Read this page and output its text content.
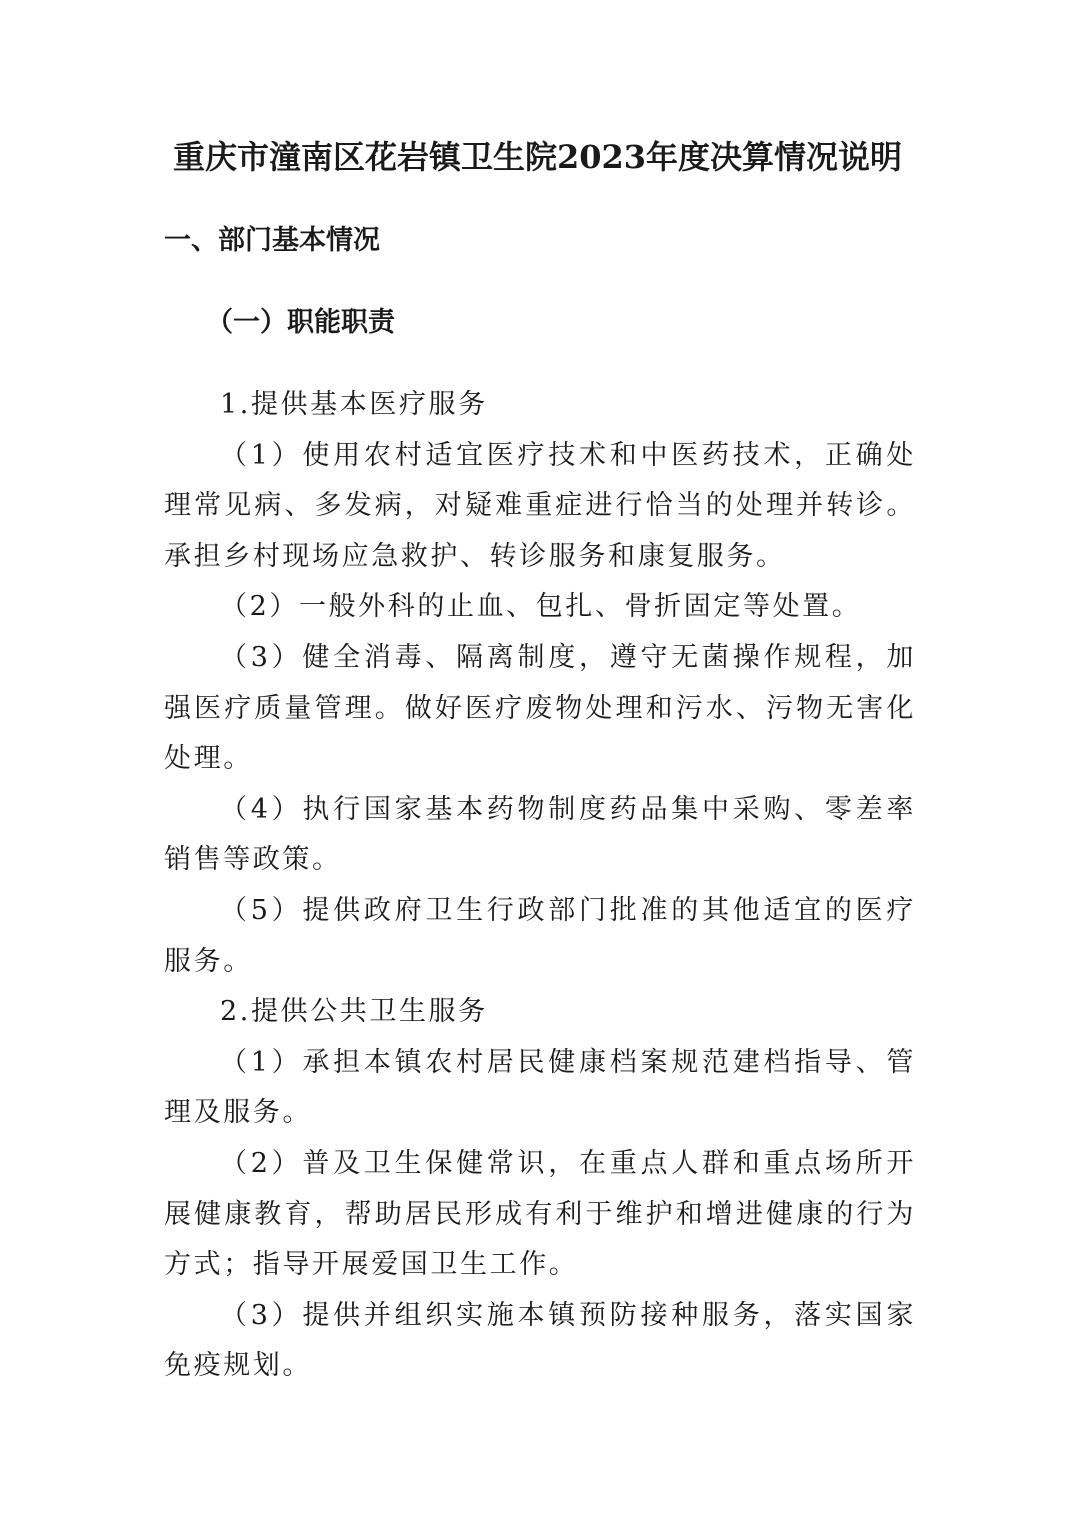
重庆市潼南区花岩镇卫生院2023年度决算情况说明
一、部门基本情况
（一）职能职责

1.提供基本医疗服务

（1）使用农村适宜医疗技术和中医药技术，正确处理常见病、多发病，对疑难重症进行恰当的处理并转诊。承担乡村现场应急救护、转诊服务和康复服务。

（2）一般外科的止血、包扎、骨折固定等处置。

（3）健全消毒、隔离制度，遵守无菌操作规程，加强医疗质量管理。做好医疗废物处理和污水、污物无害化处理。

（4）执行国家基本药物制度药品集中采购、零差率销售等政策。

（5）提供政府卫生行政部门批准的其他适宜的医疗服务。

2.提供公共卫生服务

（1）承担本镇农村居民健康档案规范建档指导、管理及服务。

（2）普及卫生保健常识，在重点人群和重点场所开展健康教育，帮助居民形成有利于维护和增进健康的行为方式；指导开展爱国卫生工作。

（3）提供并组织实施本镇预防接种服务，落实国家免疫规划。
